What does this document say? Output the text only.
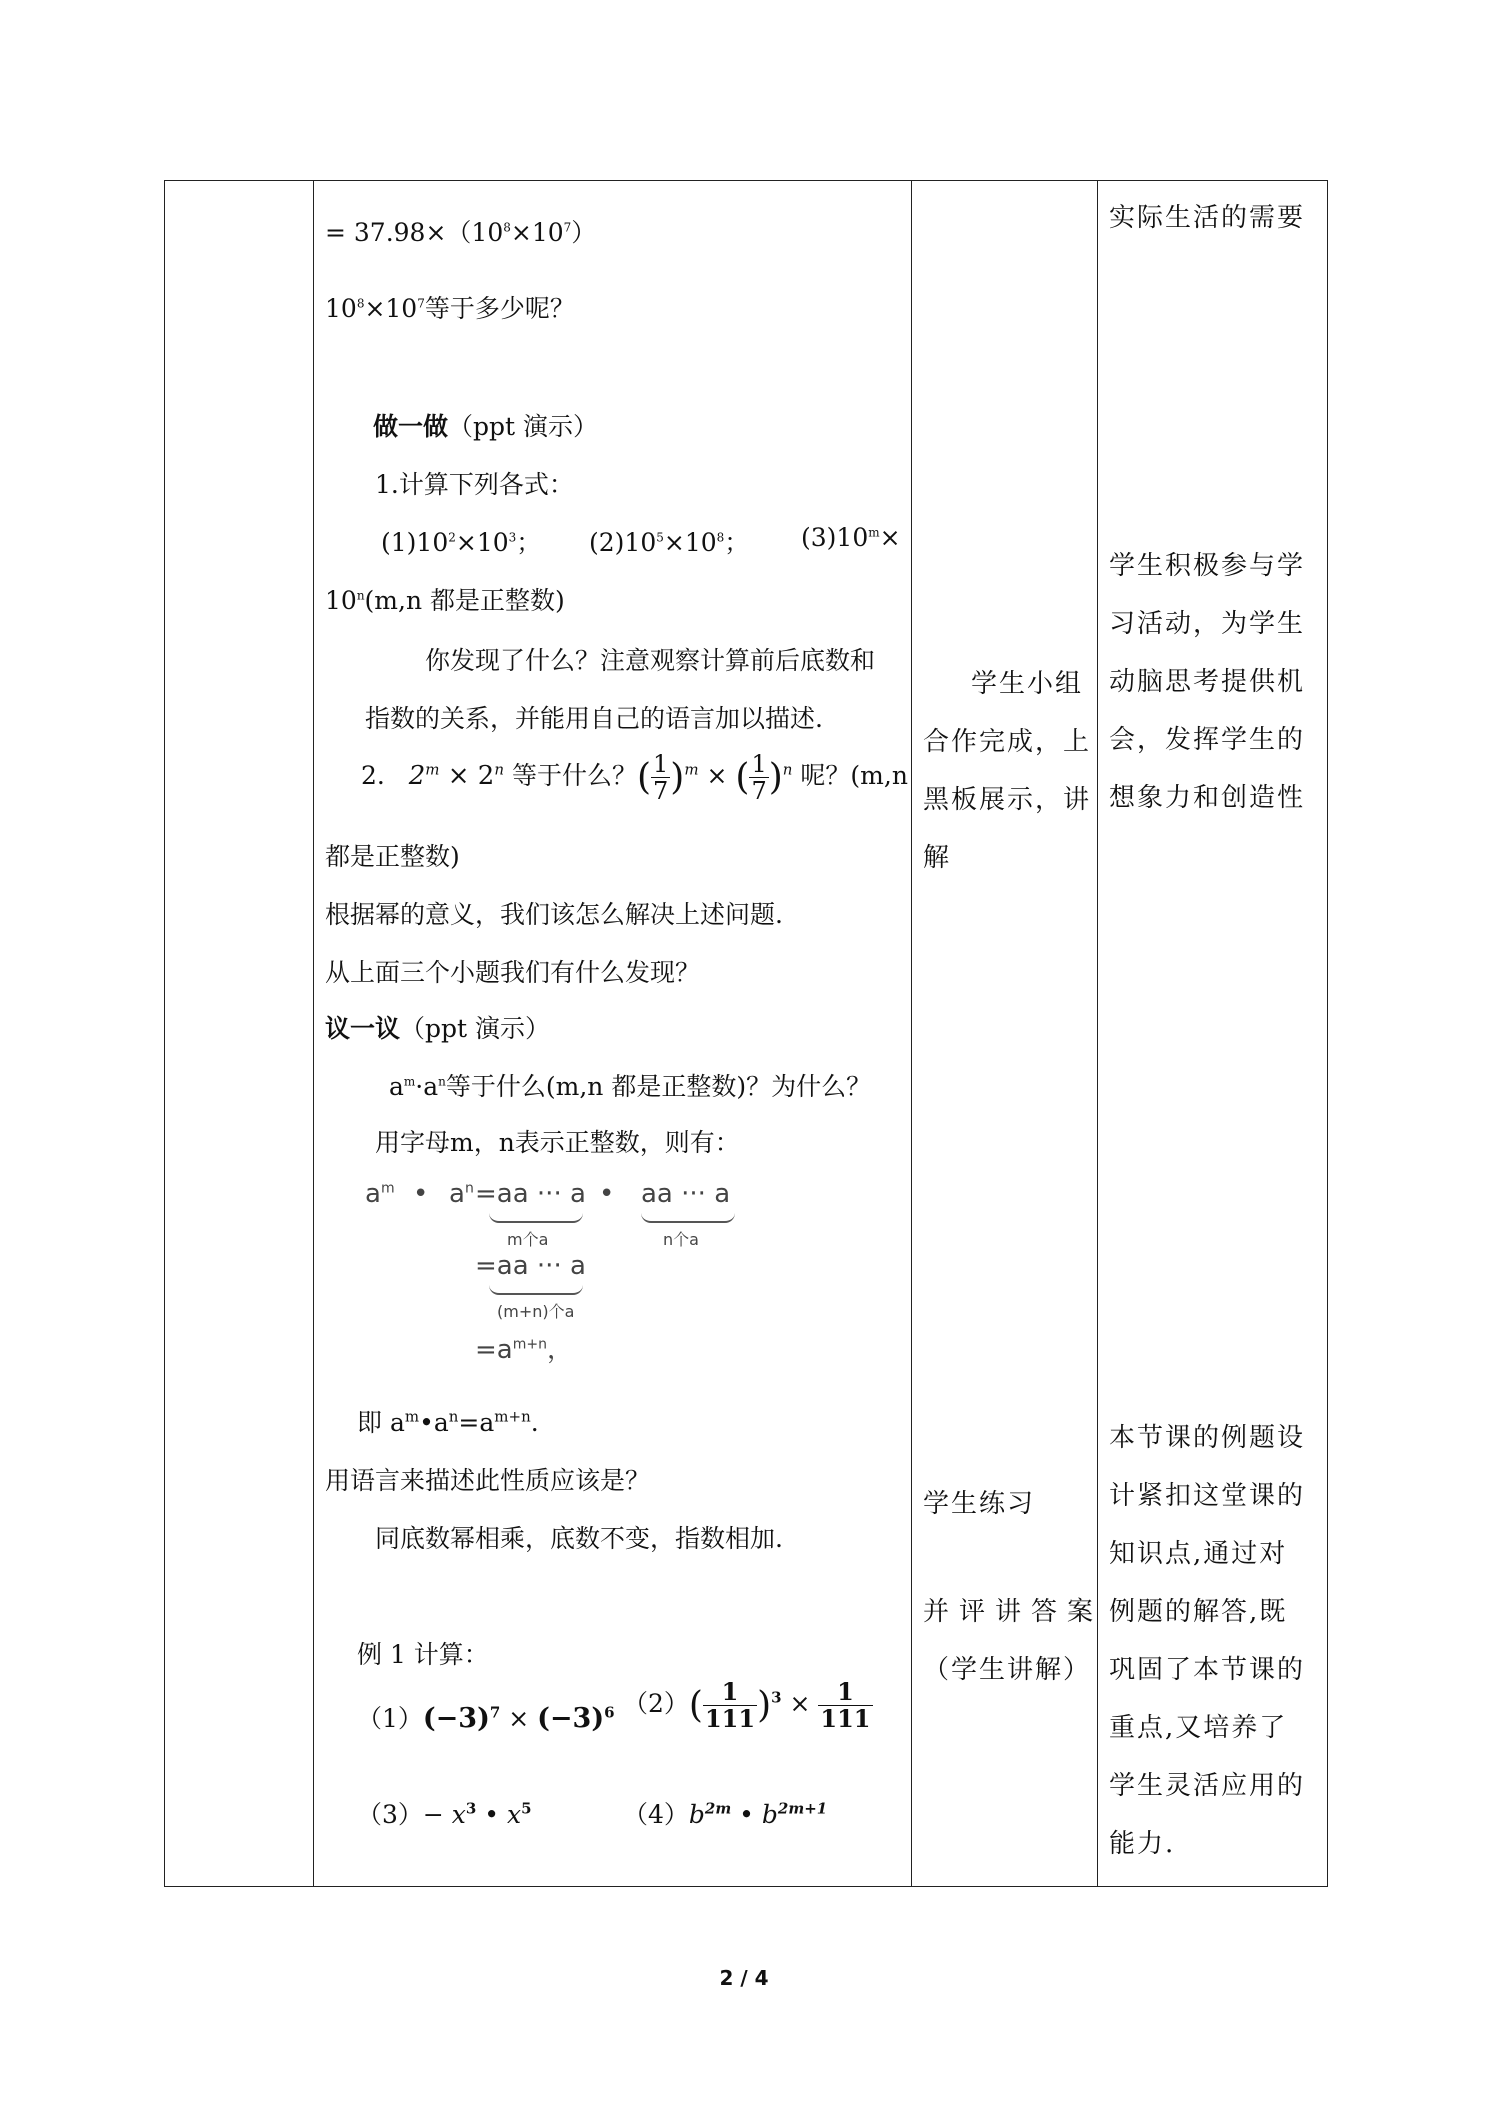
= $37.98\times(10^8\times 10^7)$
$10^8\times 10^7$等于多少呢？
做一做（ppt 演示）
1.计算下列各式：
$(1)10^2\times 10^3$； $(2)10^5\times 10^8$； $(3)10^m\times$
$10^n(m,n$ 都是正整数)
你发现了什么？注意观察计算前后底数和
指数的关系，并能用自己的语言加以描述.
2. $2^m \times 2^n$ 等于什么？( $\frac{1}{7} )^m$ × ( $\frac{1}{7} )^n$ 呢？(m,n
都是正整数)
根据幂的意义，我们该怎么解决上述问题.
从上面三个小题我们有什么发现？
议一议（ppt 演示）
$a^m\cdot a^n$等于什么(m,n 都是正整数)？为什么？
用字母m，n表示正整数，则有：
$a^m$ • $a^n =aa$ ··· a
m个a
• aa ··· a
n个a
=aa ··· a
(m+n)个a
$=a^{m+n}$，
即 $a^m•a^n=a^{m+n}$.
用语言来描述此性质应该是？
同底数幂相乘，底数不变，指数相加.
例 1 计算：
$(1)(-3)^7 \times (-3)^6$ $(2)( \frac{1}{111} )^3 \times \frac{1}{111}$
$(3)- x^3$ • $x^5$	$(4)b^{2m}$ • $b^{2m+1}$
学生小组
合作完成，上
黑板展示，讲
解
学生练习
并评讲答案
（学生讲解）
实际生活的需要
学生积极参与学
习活动，为学生
动脑思考提供机
会，发挥学生的
想象力和创造性
本节课的例题设
计紧扣这堂课的
知识点,通过对
例题的解答,既
巩固了本节课的
重点,又培养了
学生灵活应用的
能力.
2 / 4
